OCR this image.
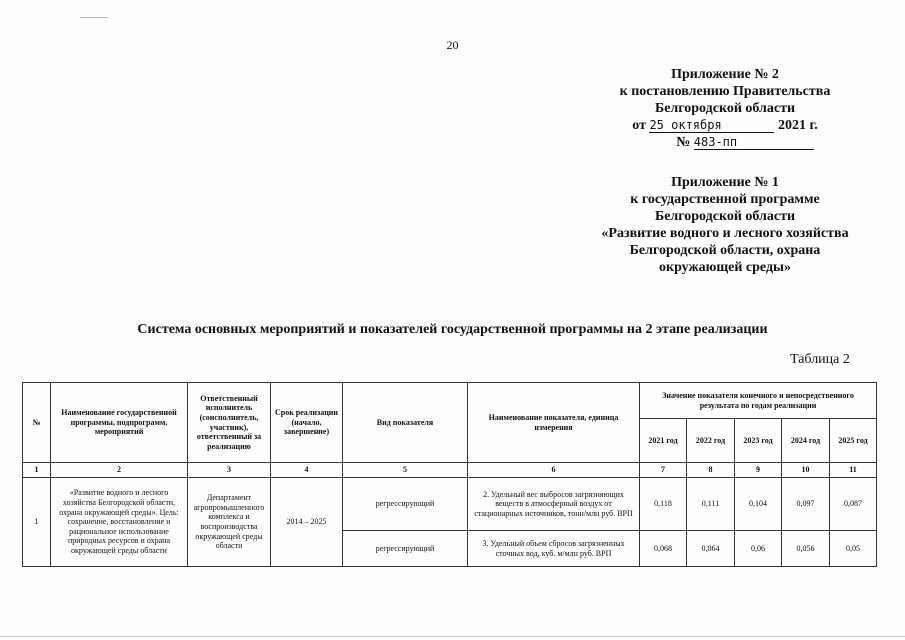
20
Приложение № 2
к постановлению Правительства
Белгородской области
от 25 октября	2021 г.
№ 483-пп
Приложение № 1
к государственной программе
Белгородской области
«Развитие водного и лесного хозяйства
Белгородской области, охрана
окружающей среды»
Система основных мероприятий и показателей государственной программы на 2 этапе реализации
Таблица 2
№	Наименование государственной программы, подпрограмм, мероприятий	Ответственный исполнитель (соисполнитель, участник), ответственный за реализацию	Срок реализации (начало, завершение)	Вид показателя	Наименование показателя, единица измерения	Значение показателя конечного и непосредственного результата по годам реализации				
						2021 год	2022 год	2023 год	2024 год	2025 год
1	2	3	4	5	6	7	8	9	10	11
1	«Развитие водного и лесного хозяйства Белгородской области, охрана окружающей среды». Цель: сохранение, восстановление и рациональное использование природных ресурсов и охрана окружающей среды области	Департамент агропромышленного комплекса и воспроизводства окружающей среды области	2014 – 2025	регрессирующий	2. Удельный вес выбросов загрязняющих веществ в атмосферный воздух от стационарных источников, тонн/млн руб. ВРП	0,118	0,111	0,104	0,097	0,087
				регрессирующий	3. Удельный объем сбросов загрязненных сточных вод, куб. м/млн руб. ВРП	0,068	0,064	0,06	0,056	0,05
